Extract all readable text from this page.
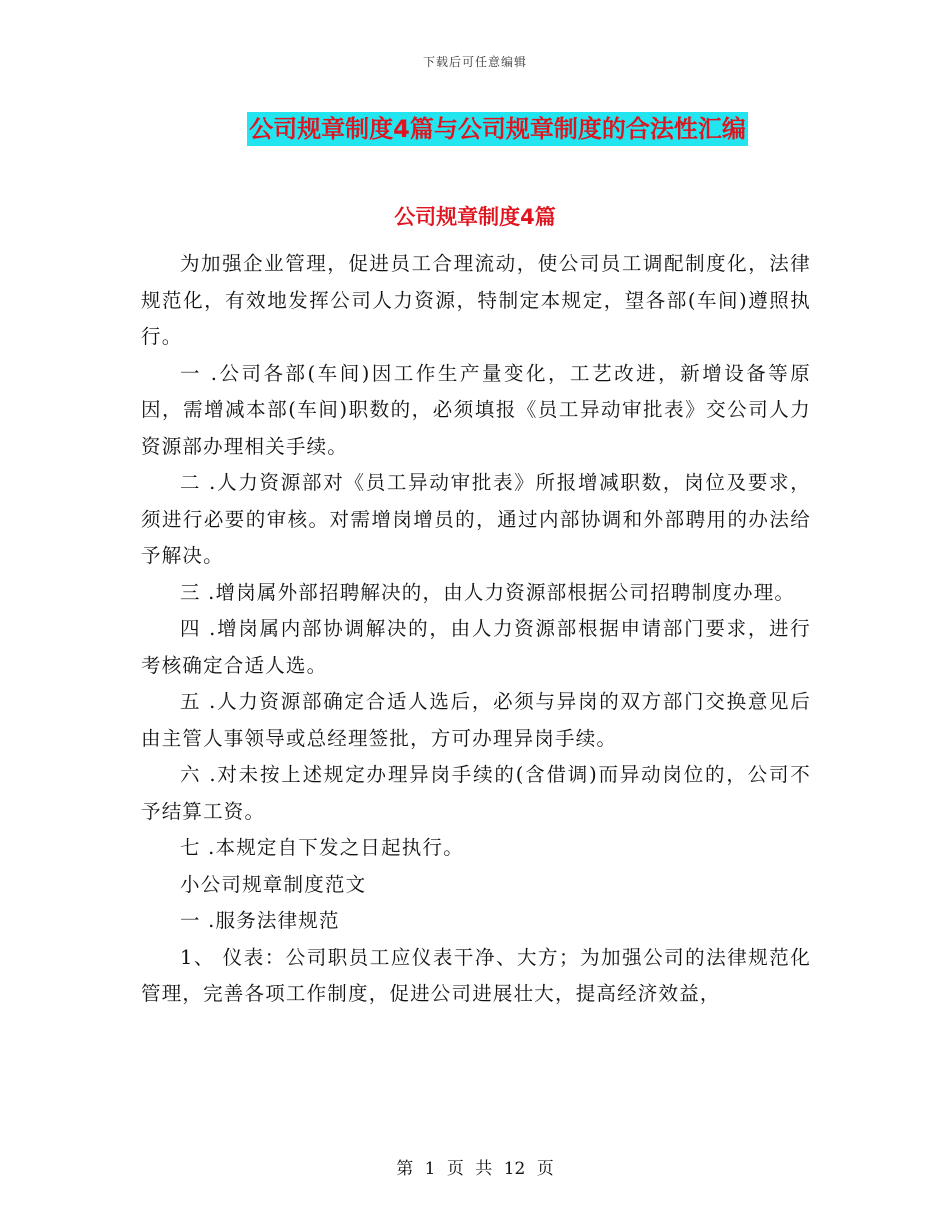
下载后可任意编辑
公司规章制度4篇与公司规章制度的合法性汇编
公司规章制度4篇

为加强企业管理，促进员工合理流动，使公司员工调配制度化，法律规范化，有效地发挥公司人力资源，特制定本规定，望各部(车间)遵照执行。

一 .公司各部(车间)因工作生产量变化，工艺改进，新增设备等原因，需增减本部(车间)职数的，必须填报《员工异动审批表》交公司人力资源部办理相关手续。

二 .人力资源部对《员工异动审批表》所报增减职数，岗位及要求，须进行必要的审核。对需增岗增员的，通过内部协调和外部聘用的办法给予解决。

三 .增岗属外部招聘解决的，由人力资源部根据公司招聘制度办理。

四 .增岗属内部协调解决的，由人力资源部根据申请部门要求，进行考核确定合适人选。

五 .人力资源部确定合适人选后，必须与异岗的双方部门交换意见后由主管人事领导或总经理签批，方可办理异岗手续。

六 .对未按上述规定办理异岗手续的(含借调)而异动岗位的，公司不予结算工资。

七 .本规定自下发之日起执行。

小公司规章制度范文

一 .服务法律规范

1、 仪表：公司职员工应仪表干净、大方；为加强公司的法律规范化管理，完善各项工作制度，促进公司进展壮大，提高经济效益，

第 1 页 共 12 页
